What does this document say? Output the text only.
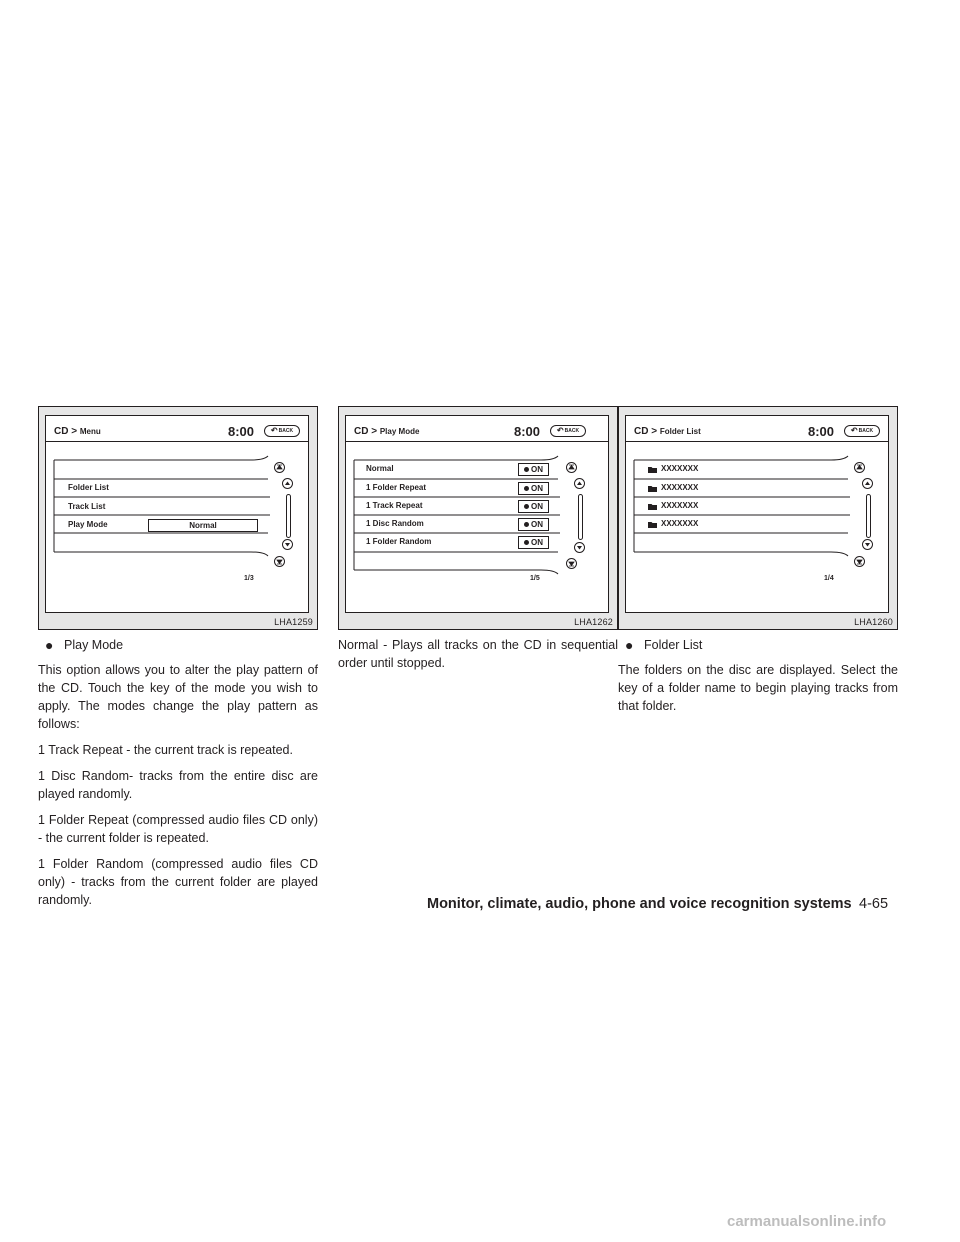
CD > Menu	8:00 ↶ BACK
Folder List
Track List
Play Mode	Normal
1/3
LHA1259
CD > Play Mode	8:00 ↶ BACK
Normal	ON
1 Folder Repeat	ON
1 Track Repeat	ON
1 Disc Random	ON
1 Folder Random	ON
1/5
LHA1262
CD > Folder List	8:00 ↶ BACK
XXXXXXX
XXXXXXX
XXXXXXX
XXXXXXX
1/4
LHA1260
● Play Mode

This option allows you to alter the play pattern of the CD. Touch the key of the mode you wish to apply. The modes change the play pattern as follows:

1 Track Repeat - the current track is repeated.

1 Disc Random- tracks from the entire disc are played randomly.

1 Folder Repeat (compressed audio files CD only) - the current folder is repeated.

1 Folder Random (compressed audio files CD only) - tracks from the current folder are played randomly.

Normal - Plays all tracks on the CD in sequential order until stopped.

● Folder List

The folders on the disc are displayed. Select the key of a folder name to begin playing tracks from that folder.

Monitor, climate, audio, phone and voice recognition systems 4-65
carmanualsonline.info
